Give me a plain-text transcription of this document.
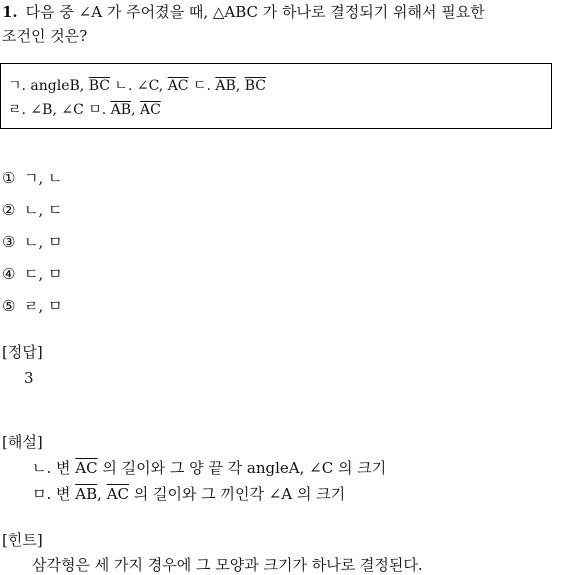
1. 다음 중 ∠A 가 주어졌을 때, △ABC 가 하나로 결정되기 위해서 필요한
조건인 것은?
ㄱ. angleB, $\overline{BC}$ ㄴ. ∠C, $\overline{AC}$ ㄷ. $\overline{AB}$, $\overline{BC}$
ㄹ. ∠B, ∠C ㅁ. $\overline{AB}$, $\overline{AC}$
① ㄱ, ㄴ
② ㄴ, ㄷ
③ ㄴ, ㅁ
④ ㄷ, ㅁ
⑤ ㄹ, ㅁ
[정답]
3
[해설]
ㄴ. 변 $\overline{AC}$ 의 길이와 그 양 끝 각 angleA, ∠C 의 크기
ㅁ. 변 $\overline{AB}$, $\overline{AC}$ 의 길이와 그 끼인각 ∠A 의 크기
[힌트]
삼각형은 세 가지 경우에 그 모양과 크기가 하나로 결정된다.
